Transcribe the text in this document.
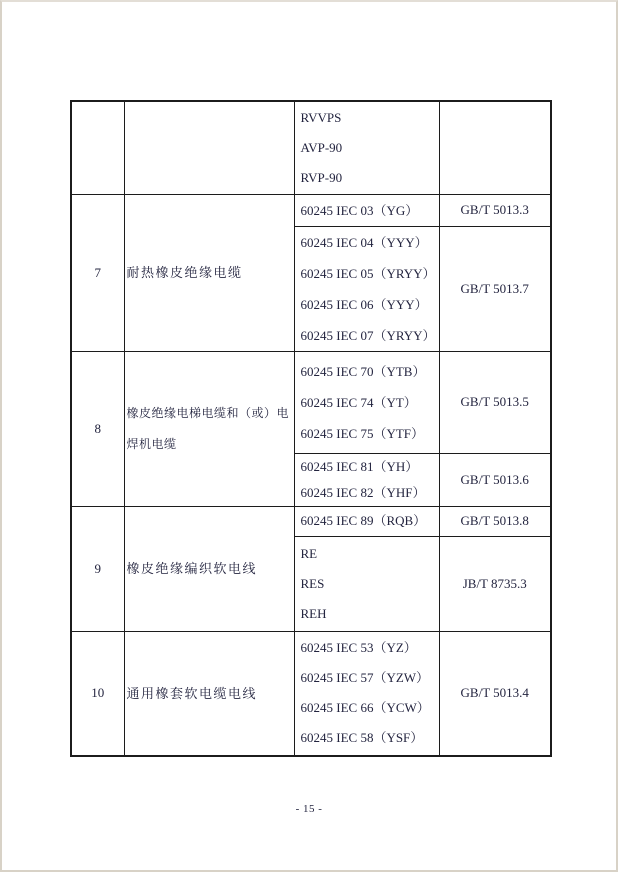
		RVVPS
AVP-90
RVP-90	

7	耐热橡皮绝缘电缆	60245 IEC 03（YG）	GB/T 5013.3

		60245 IEC 04（YYY）
60245 IEC 05（YRYY）
60245 IEC 06（YYY）
60245 IEC 07（YRYY）	GB/T 5013.7
8	橡皮绝缘电梯电缆和（或）电焊机电缆	60245 IEC 70（YTB）
60245 IEC 74（YT）
60245 IEC 75（YTF）	GB/T 5013.5

		60245 IEC 81（YH）
60245 IEC 82（YHF）	GB/T 5013.6
9	橡皮绝缘编织软电线	60245 IEC 89（RQB）	GB/T 5013.8

		RE
RES
REH	JB/T 8735.3
10	通用橡套软电缆电线	60245 IEC 53（YZ）
60245 IEC 57（YZW）
60245 IEC 66（YCW）
60245 IEC 58（YSF）	GB/T 5013.4
- 15 -
